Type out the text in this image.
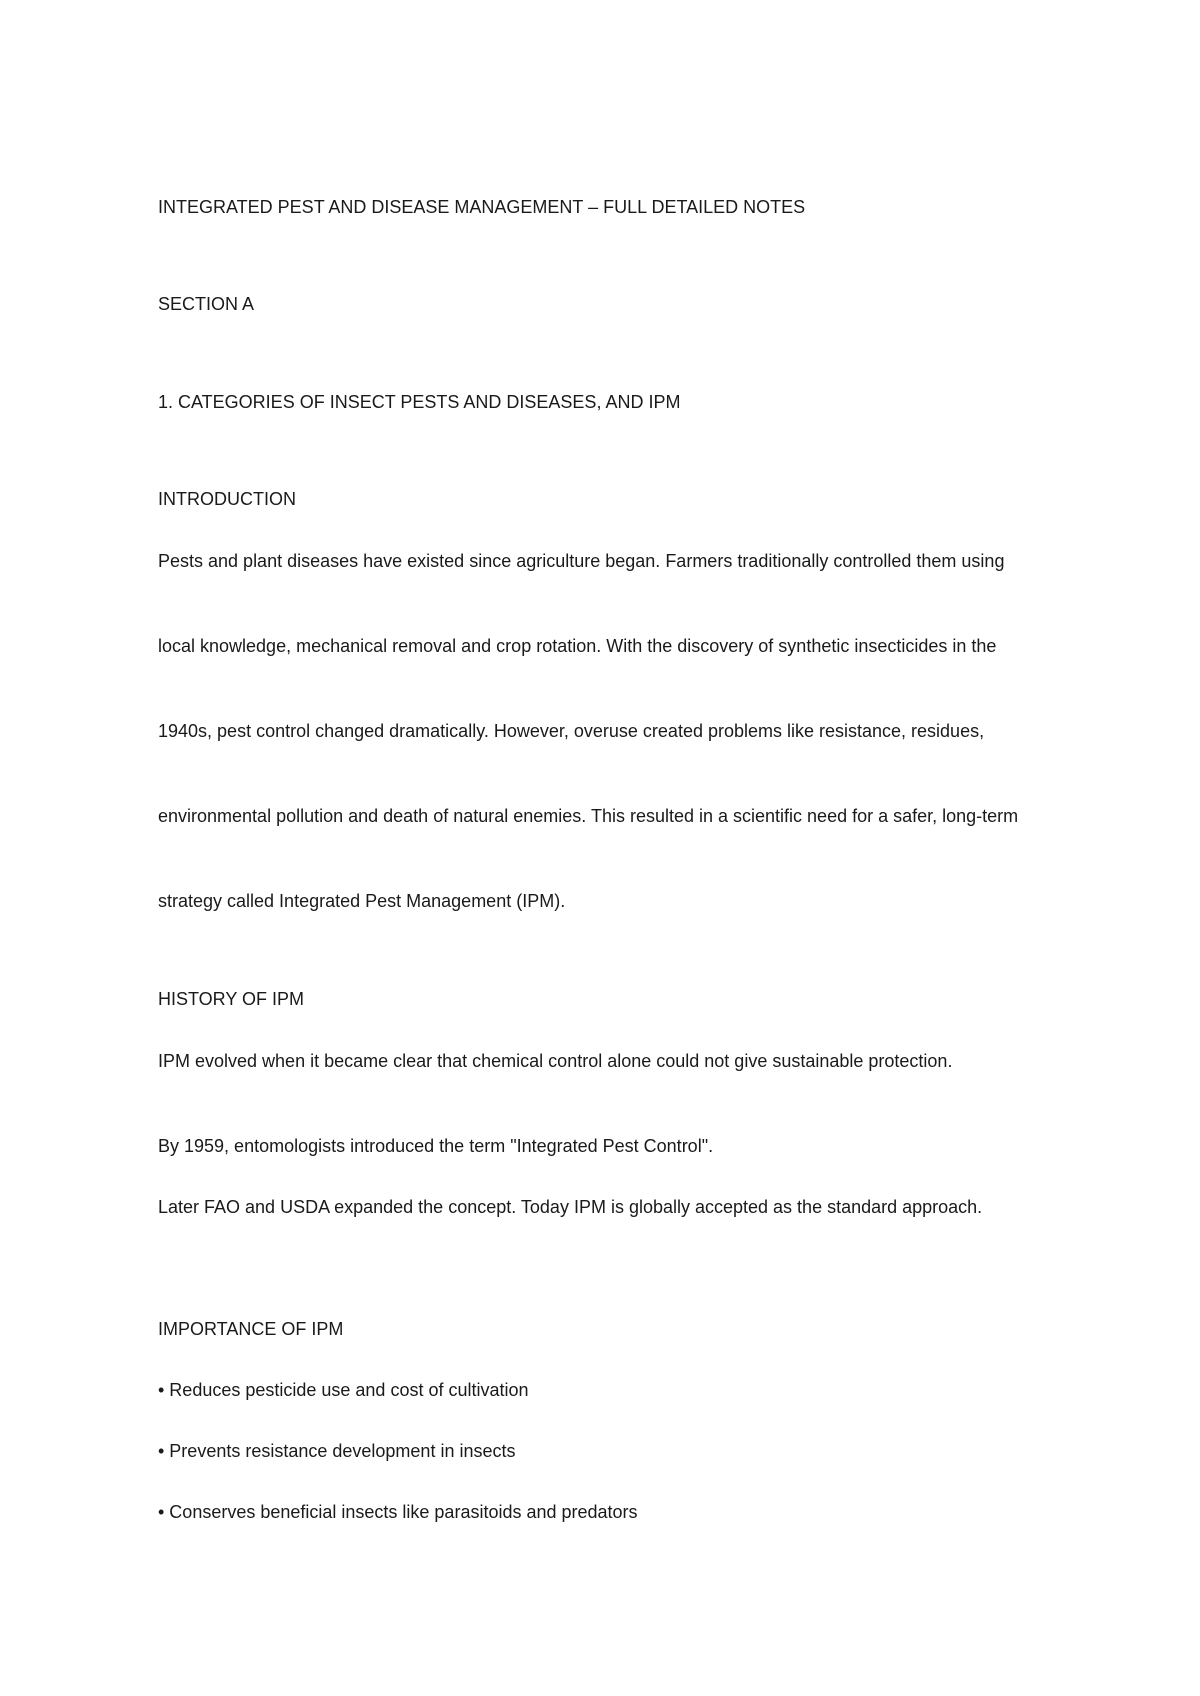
INTEGRATED PEST AND DISEASE MANAGEMENT – FULL DETAILED NOTES

SECTION A

1. CATEGORIES OF INSECT PESTS AND DISEASES, AND IPM

INTRODUCTION

Pests and plant diseases have existed since agriculture began. Farmers traditionally controlled them using

local knowledge, mechanical removal and crop rotation. With the discovery of synthetic insecticides in the

1940s, pest control changed dramatically. However, overuse created problems like resistance, residues,

environmental pollution and death of natural enemies. This resulted in a scientific need for a safer, long-term

strategy called Integrated Pest Management (IPM).

HISTORY OF IPM

IPM evolved when it became clear that chemical control alone could not give sustainable protection.

By 1959, entomologists introduced the term "Integrated Pest Control".

Later FAO and USDA expanded the concept. Today IPM is globally accepted as the standard approach.

IMPORTANCE OF IPM

• Reduces pesticide use and cost of cultivation

• Prevents resistance development in insects

• Conserves beneficial insects like parasitoids and predators
